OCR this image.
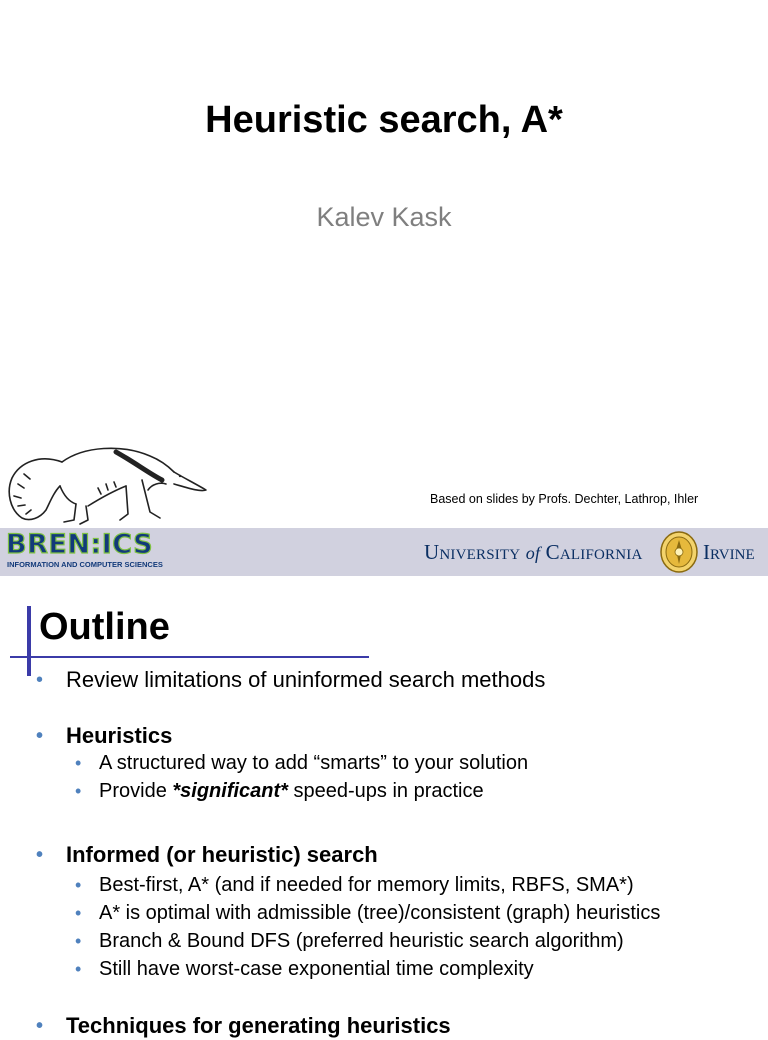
Heuristic search, A*
Kalev Kask
Based on slides by Profs. Dechter, Lathrop, Ihler
BREN:ICS
INFORMATION AND COMPUTER SCIENCES
University of California	Irvine
Outline
• Review limitations of uninformed search methods
• Heuristics
• A structured way to add “smarts” to your solution
• Provide *significant* speed-ups in practice
• Informed (or heuristic) search
• Best-first, A* (and if needed for memory limits, RBFS, SMA*)
• A* is optimal with admissible (tree)/consistent (graph) heuristics
• Branch & Bound DFS (preferred heuristic search algorithm)
• Still have worst-case exponential time complexity
• Techniques for generating heuristics
